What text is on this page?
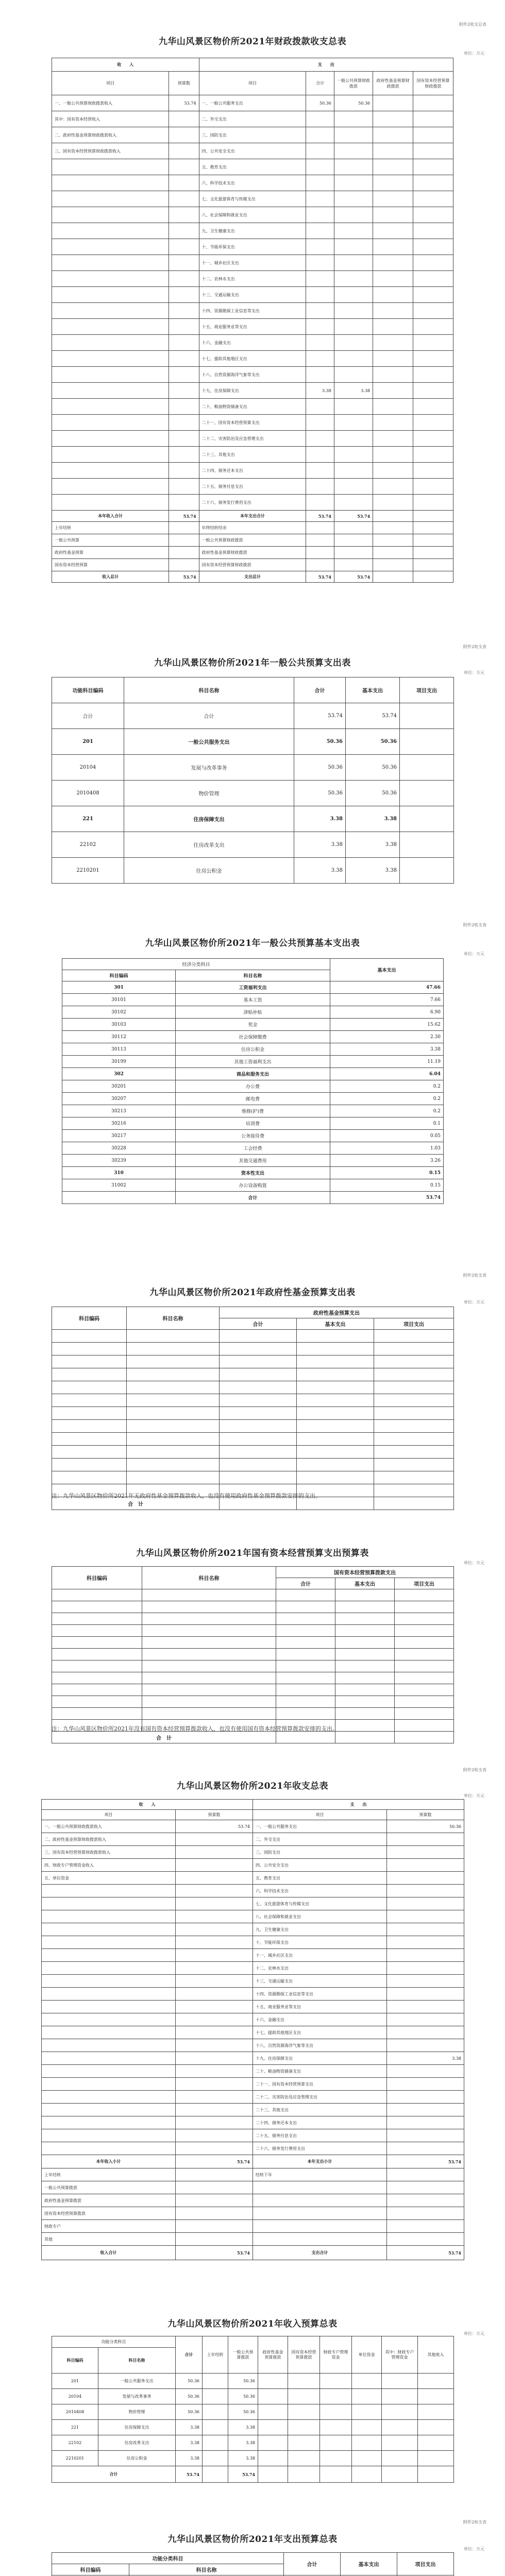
附件2收支总表
九华山风景区物价所2021年财政拨款收支总表
单位：万元
收　　入		支　　出				
项目	预算数	项目	合计	一般公共预算财政拨款	政府性基金预算财政拨款	国有资本经营预算财政拨款
一、一般公共预算财政拨款收入	53.74	一、一般公共服务支出	50.36	50.36		
其中：国有资本经营收入		二、外交支出				
二、政府性基金预算财政拨款收入		三、国防支出				
三、国有资本经营预算财政拨款收入		四、公共安全支出				
		五、教育支出				
		六、科学技术支出				
		七、文化旅游体育与传媒支出				
		八、社会保障和就业支出				
		九、卫生健康支出				
		十、节能环保支出				
		十一、城乡社区支出				
		十二、农林水支出				
		十三、交通运输支出				
		十四、资源勘探工业信息等支出				
		十五、商业服务业等支出				
		十六、金融支出				
		十七、援助其他地区支出				
		十八、自然资源海洋气象等支出				
		十九、住房保障支出	3.38	3.38		
		二十、粮油物资储备支出				
		二十一、国有资本经营预算支出				
		二十二、灾害防治及应急管理支出				
		二十三、其他支出				
		二十四、债务还本支出				
		二十五、债务付息支出				
		二十六、债务发行费用支出				
本年收入合计	53.74	本年支出合计	53.74	53.74		
上年结转		年终结转结余				
一般公共预算		一般公共预算财政拨款				
政府性基金预算		政府性基金预算财政拨款				
国有资本经营预算		国有资本经营预算财政拨款				
收入总计	53.74	支出总计	53.74	53.74		
附件2收支表
九华山风景区物价所2021年一般公共预算支出表
单位：万元
功能科目编码	科目名称	合计	基本支出	项目支出
合计	合计	53.74	53.74	
201	一般公共服务支出	50.36	50.36	
20104	发展与改革事务	50.36	50.36	
2010408	物价管理	50.36	50.36	
221	住房保障支出	3.38	3.38	
22102	住房改革支出	3.38	3.38	
2210201	住房公积金	3.38	3.38	
附件2收支表
九华山风景区物价所2021年一般公共预算基本支出表
单位：万元
经济分类科目		基本支出
科目编码	科目名称	
301	工资福利支出	47.66
30101	基本工资	7.66
30102	津贴补贴	6.90
30103	奖金	15.62
30112	社会保障缴费	2.30
30113	住房公积金	3.38
30199	其他工资福利支出	11.19
302	商品和服务支出	6.04
30201	办公费	0.2
30207	邮电费	0.2
30213	维修(护)费	0.2
30216	培训费	0.1
30217	公务接待费	0.05
30228	工会经费	1.03
30239	其他交通费用	3.26
310	资本性支出	0.15
31002	办公设备购置	0.15
	合计	53.74
附件2收支表
九华山风景区物价所2021年政府性基金预算支出表
单位：万元
科目编码	科目名称	政府性基金预算支出		
		合计	基本支出	项目支出

合　计				
注：九华山风景区物价所2021年无政府性基金预算拨款收入，也没有使用政府性基金预算拨款安排的支出。
九华山风景区物价所2021年国有资本经营预算支出预算表
单位：万元
科目编码	科目名称	国有资本经营预算拨款支出		
		合计	基本支出	项目支出

合　计				
注：九华山风景区物价所2021年没有国有资本经营预算拨款收入，也没有使用国有资本经营预算拨款安排的支出。
附件2收支表
九华山风景区物价所2021年收支总表
单位：万元
收　　入		支　　出	
项目	预算数	项目	预算数
一、一般公共预算财政拨款收入	53.74	一、一般公共服务支出	50.36
二、政府性基金预算财政拨款收入		二、外交支出	
三、国有资本经营预算财政拨款收入		三、国防支出	
四、财政专户管理资金收入		四、公共安全支出	
五、单位资金		五、教育支出	
		六、科学技术支出	
		七、文化旅游体育与传媒支出	
		八、社会保障和就业支出	
		九、卫生健康支出	
		十、节能环保支出	
		十一、城乡社区支出	
		十二、农林水支出	
		十三、交通运输支出	
		十四、资源勘探工业信息等支出	
		十五、商业服务业等支出	
		十六、金融支出	
		十七、援助其他地区支出	
		十八、自然资源海洋气象等支出	
		十九、住房保障支出	3.38
		二十、粮油物资储备支出	
		二十一、国有资本经营预算支出	
		二十二、灾害防治及应急管理支出	
		二十三、其他支出	
		二十四、债务还本支出	
		二十五、债务付息支出	
		二十六、债务发行费用支出	
本年收入小计	53.74	本年支出小计	53.74
上年结转		结转下年	
一般公共预算拨款			
政府性基金预算拨款			
国有资本经营预算拨款			
财政专户			
其他			
收入合计	53.74	支出合计	53.74
九华山风景区物价所2021年收入预算总表
单位：万元
功能分类科目		合计	上年结转	一般公共预算拨款	政府性基金预算拨款	国有资本经营预算拨款	财政专户管理资金	单位资金	其中：财政专户管理资金	其他收入
科目编码	科目名称									
201	一般公共服务支出	50.36		50.36						
20104	发展与改革事务	50.36		50.36						
2010408	物价管理	50.36		50.36						
221	住房保障支出	3.38		3.38						
22102	住房改革支出	3.38		3.38						
2210201	住房公积金	3.38		3.38						
合计		53.74		53.74						
附件2收支表
九华山风景区物价所2021年支出预算总表
单位：万元
功能分类科目		合计	基本支出	项目支出
科目编码	科目名称			
